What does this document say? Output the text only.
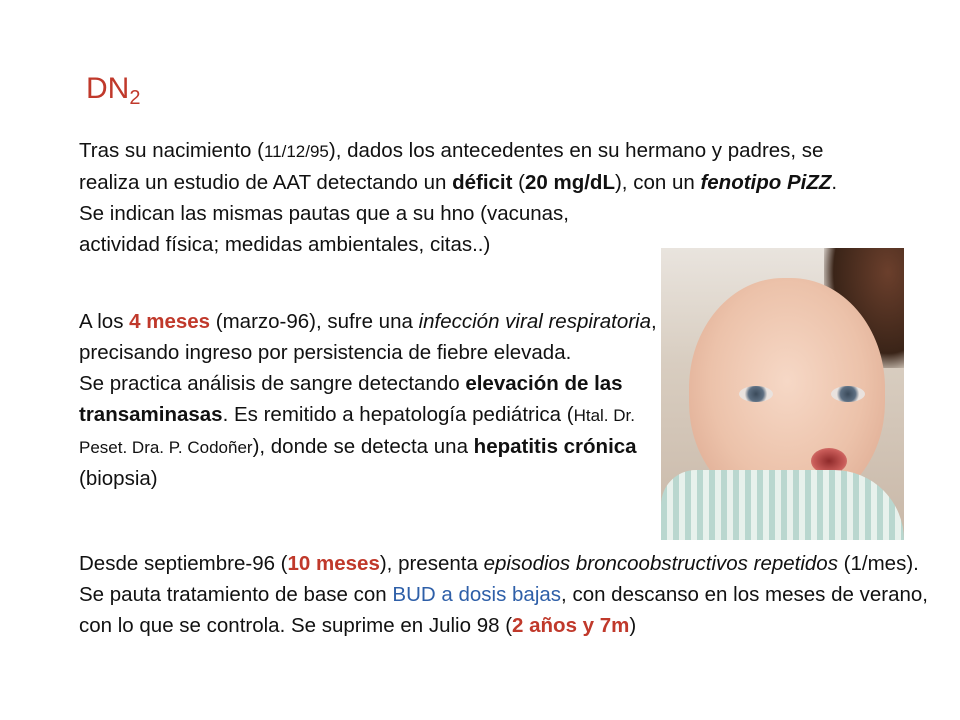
$DN_2$
Tras su nacimiento (11/12/95), dados los antecedentes en su hermano y padres, se realiza un estudio de AAT detectando un déficit (20 mg/dL), con un fenotipo PiZZ.
Se indican las mismas pautas que a su hno (vacunas,
actividad física; medidas ambientales, citas..)
A los 4 meses (marzo-96), sufre una infección viral respiratoria, precisando ingreso por persistencia de fiebre elevada.
Se practica análisis de sangre detectando elevación de las transaminasas. Es remitido a hepatología pediátrica (Htal. Dr. Peset. Dra. P. Codoñer), donde se detecta una hepatitis crónica (biopsia)
Desde septiembre-96 (10 meses), presenta episodios broncoobstructivos repetidos (1/mes).
Se pauta tratamiento de base con BUD a dosis bajas, con descanso en los meses de verano, con lo que se controla. Se suprime en Julio 98 (2 años y 7m)
